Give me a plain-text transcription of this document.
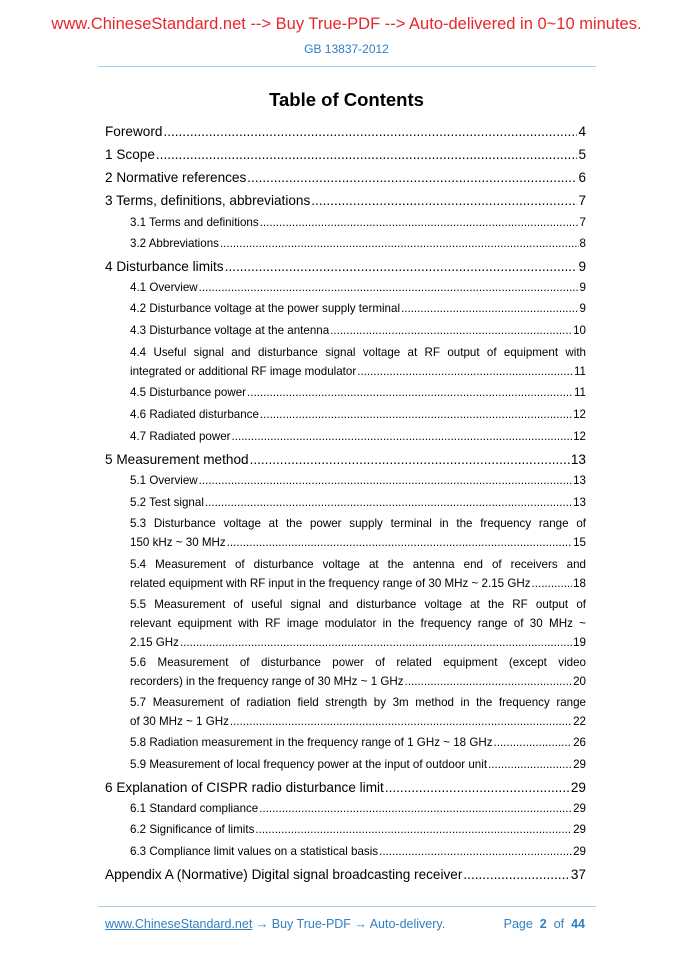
www.ChineseStandard.net --> Buy True-PDF --> Auto-delivered in 0~10 minutes.
GB 13837-2012
Table of Contents
Foreword .....	4
1 Scope .....	5
2 Normative references .....	6
3 Terms, definitions, abbreviations .....	7
3.1 Terms and definitions .....	7
3.2 Abbreviations .....	8
4 Disturbance limits .....	9
4.1 Overview .....	9
4.2 Disturbance voltage at the power supply terminal .....	9
4.3 Disturbance voltage at the antenna .....	10
4.4 Useful signal and disturbance signal voltage at RF output of equipment with
integrated or additional RF image modulator .....	11
4.5 Disturbance power .....	11
4.6 Radiated disturbance .....	12
4.7 Radiated power .....	12
5 Measurement method .....	13
5.1 Overview .....	13
5.2 Test signal .....	13
5.3 Disturbance voltage at the power supply terminal in the frequency range of
150 kHz ~ 30 MHz .....	15
5.4 Measurement of disturbance voltage at the antenna end of receivers and
related equipment with RF input in the frequency range of 30 MHz ~ 2.15 GHz .....	18
5.5 Measurement of useful signal and disturbance voltage at the RF output of
relevant equipment with RF image modulator in the frequency range of 30 MHz ~
2.15 GHz .....	19
5.6 Measurement of disturbance power of related equipment (except video
recorders) in the frequency range of 30 MHz ~ 1 GHz .....	20
5.7 Measurement of radiation field strength by 3m method in the frequency range
of 30 MHz ~ 1 GHz .....	22
5.8 Radiation measurement in the frequency range of 1 GHz ~ 18 GHz .....	26
5.9 Measurement of local frequency power at the input of outdoor unit .....	29
6 Explanation of CISPR radio disturbance limit .....	29
6.1 Standard compliance .....	29
6.2 Significance of limits .....	29
6.3 Compliance limit values on a statistical basis .....	29
Appendix A (Normative) Digital signal broadcasting receiver .....	37
www.ChineseStandard.net → Buy True-PDF → Auto-delivery.	Page 2 of 44
